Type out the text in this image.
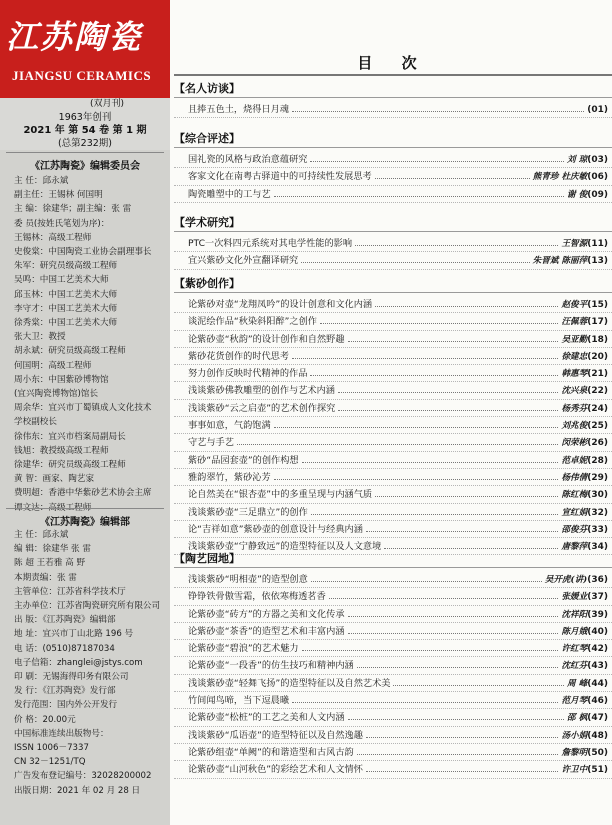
江苏陶瓷
JIANGSU CERAMICS
(双月刊)
1963年创刊
2021 年 第 54 卷 第 1 期
(总第232期)
《江苏陶瓷》编辑委员会
主 任：邱永斌
副主任：王锡林 何国明
主 编：徐建华；副主编：张 雷
委 员(按姓氏笔划为序)：
王锡林：高级工程师
史俊棠：中国陶瓷工业协会副理事长
朱军：研究员级高级工程师
吴鸣：中国工艺美术大师
邱玉林：中国工艺美术大师
李守才：中国工艺美术大师
徐秀棠：中国工艺美术大师
张大卫：教授
胡永斌：研究员级高级工程师
何国明：高级工程师
周小东：中国紫砂博物馆
(宜兴陶瓷博物馆)馆长
周余华：宜兴市丁蜀镇成人文化技术
学校副校长
徐伟东：宜兴市档案局副局长
钱旭：教授级高级工程师
徐建华：研究员级高级工程师
黄 智：画家、陶艺家
费明超：香港中华紫砂艺术协会主席
《江苏陶瓷》编辑部
主 任：邱永斌
编 辑：徐建华 张 雷
陈 超 王若雅 高 野
本期责编：张 雷
主管单位：江苏省科学技术厅
主办单位：江苏省陶瓷研究所有限公司
出 版：《江苏陶瓷》编辑部
地 址：宜兴市丁山北路 196 号
电 话：(0510)87187034
电子信箱：zhanglei@jstys.com
印 刷：无锡海得印务有限公司
发 行：《江苏陶瓷》发行部
发行范围：国内外公开发行
价 格：20.00元
中国标准连续出版物号：
ISSN 1006－7337
CN 32－1251/TQ
广告发布登记编号：32028200002
出版日期：2021 年 02 月 28 日
目 次
【名人访谈】
且捧五色土，烧得日月魂	(01)
【综合评述】
国礼瓷的风格与政治意蕴研究	刘 琼 (03)
客家文化在南粤古驿道中的可持续性发展思考	熊青珍 杜庆敏 (06)
陶瓷雕塑中的工与艺	谢 俊 (09)
【学术研究】
PTC一次料四元系统对其电学性能的影响	王智源 (11)
宜兴紫砂文化外宣翻译研究	朱晋斌 陈丽萍 (13)
【紫砂创作】
论紫砂对壶“龙翔凤吟”的设计创意和文化内涵	赵俊平 (15)
谈泥绘作品“秋染斜阳醉”之创作	汪佩蓉 (17)
论紫砂壶“秋韵”的设计创作和自然野趣	吴亚勤 (18)
紫砂花货创作的时代思考	徐建忠 (20)
努力创作反映时代精神的作品	韩惠琴 (21)
浅谈紫砂佛教雕塑的创作与艺术内涵	沈兴泉 (22)
浅谈紫砂“云之启壶”的艺术创作探究	杨秀芬 (24)
事事如意，气韵饱满	刘兆俊 (25)
守艺与手艺	闵荣彬 (26)
紫砂“品园套壶”的创作构想	范卓妮 (28)
雅韵翠竹，紫砂沁芳	杨伟倩 (29)
论自然美在“银杏壶”中的多重呈现与内涵气质	陈红梅 (30)
浅谈紫砂壶“三足鼎立”的创作	宣红娟 (32)
论“吉祥如意”紫砂壶的创意设计与经典内涵	邵俊芬 (33)
浅谈紫砂壶“宁静致远”的造型特征以及人文意境	唐黎萍 (34)
【陶艺园地】
浅谈紫砂“明相壶”的造型创意	吴开虎(讲) (36)
铮铮铁骨傲雪霜，依依寒梅透茗香	张媛业 (37)
论紫砂壶“砖方”的方器之美和文化传承	沈祥阳 (39)
论紫砂壶“茶香”的造型艺术和丰富内涵	陈月娥 (40)
论紫砂壶“碧浪”的艺术魅力	许红琴 (42)
论紫砂壶“一段香”的仿生技巧和精神内涵	沈红芬 (43)
浅谈紫砂壶“轻舞飞扬”的造型特征以及自然艺术美	周 峰 (44)
竹间闻鸟啼，当下逗晨曦	范月琴 (46)
论紫砂壶“松桩”的工艺之美和人文内涵	邵 枫 (47)
浅谈紫砂“瓜语壶”的造型特征以及自然逸趣	汤小娟 (48)
论紫砂组壶“单阙”的和谐造型和古风古韵	詹黎明 (50)
论紫砂壶“山河秋色”的彩绘艺术和人文情怀	许卫中 (51)
